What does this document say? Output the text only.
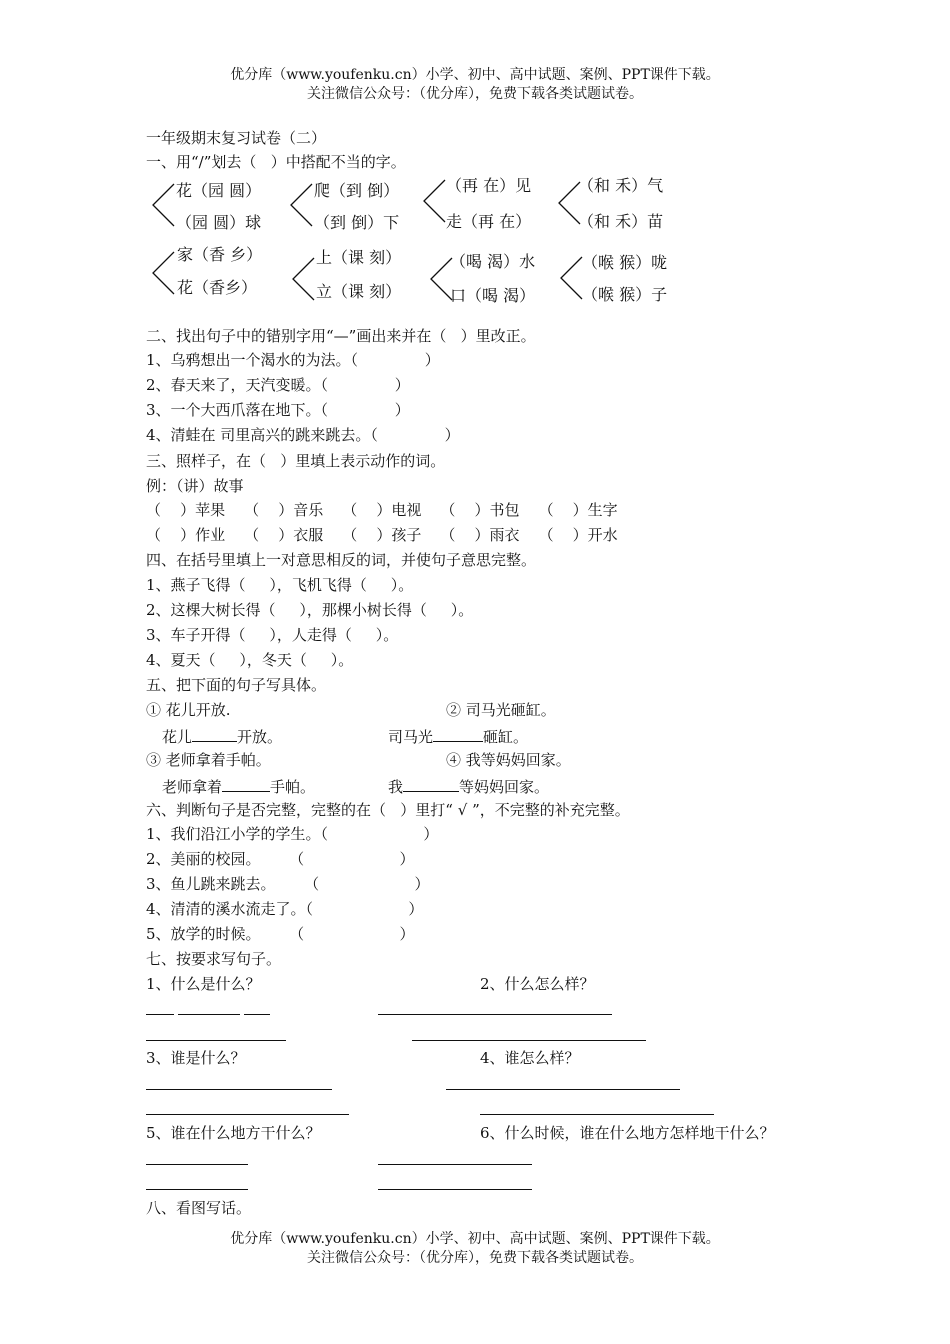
优分库（www.youfenku.cn）小学、初中、高中试题、案例、PPT课件下载。
关注微信公众号：（优分库），免费下载各类试题试卷。
一年级期末复习试卷（二）
一、用“/”划去（   ）中搭配不当的字。
花（园 圆）
（园 圆）球
爬（到 倒）
（到 倒）下
（再 在）见
走（再 在）
（和 禾）气
（和 禾）苗
家（香 乡）
花（香乡）
上（课 刻）
立（课 刻）
（喝 渴）水
口（喝 渴）
（喉 猴）咙
（喉 猴）子
二、找出句子中的错别字用“—”画出来并在（   ）里改正。
1、乌鸦想出一个渴水的为法。（              ）
2、春天来了，天汽变暖。（              ）
3、一个大西爪落在地下。（              ）
4、清蛙在 司里高兴的跳来跳去。（              ）
三、照样子，在（   ）里填上表示动作的词。
例：（讲）故事
（    ）苹果    （    ）音乐    （    ）电视    （    ）书包    （    ）生字
（    ）作业    （    ）衣服    （    ）孩子    （    ）雨衣    （    ）开水
四、在括号里填上一对意思相反的词，并使句子意思完整。
1、燕子飞得（     ），飞机飞得（     ）。
2、这棵大树长得（     ），那棵小树长得（     ）。
3、车子开得（     ），人走得（     ）。
4、夏天（     ），冬天（     ）。
五、把下面的句子写具体。
① 花儿开放.	② 司马光砸缸。
花儿	开放。	司马光	砸缸。
③ 老师拿着手帕。	④ 我等妈妈回家。
老师拿着	手帕。	我	等妈妈回家。
六、判断句子是否完整，完整的在（   ）里打“ √ ”，不完整的补充完整。
1、我们沿江小学的学生。（                    ）
2、美丽的校园。      （                    ）
3、鱼儿跳来跳去。      （                    ）
4、清清的溪水流走了。（                    ）
5、放学的时候。      （                    ）
七、按要求写句子。
1、什么是什么？	2、什么怎么样？
3、谁是什么？	4、谁怎么样？
5、谁在什么地方干什么？	6、什么时候，谁在什么地方怎样地干什么？
八、看图写话。
优分库（www.youfenku.cn）小学、初中、高中试题、案例、PPT课件下载。
关注微信公众号：（优分库），免费下载各类试题试卷。
